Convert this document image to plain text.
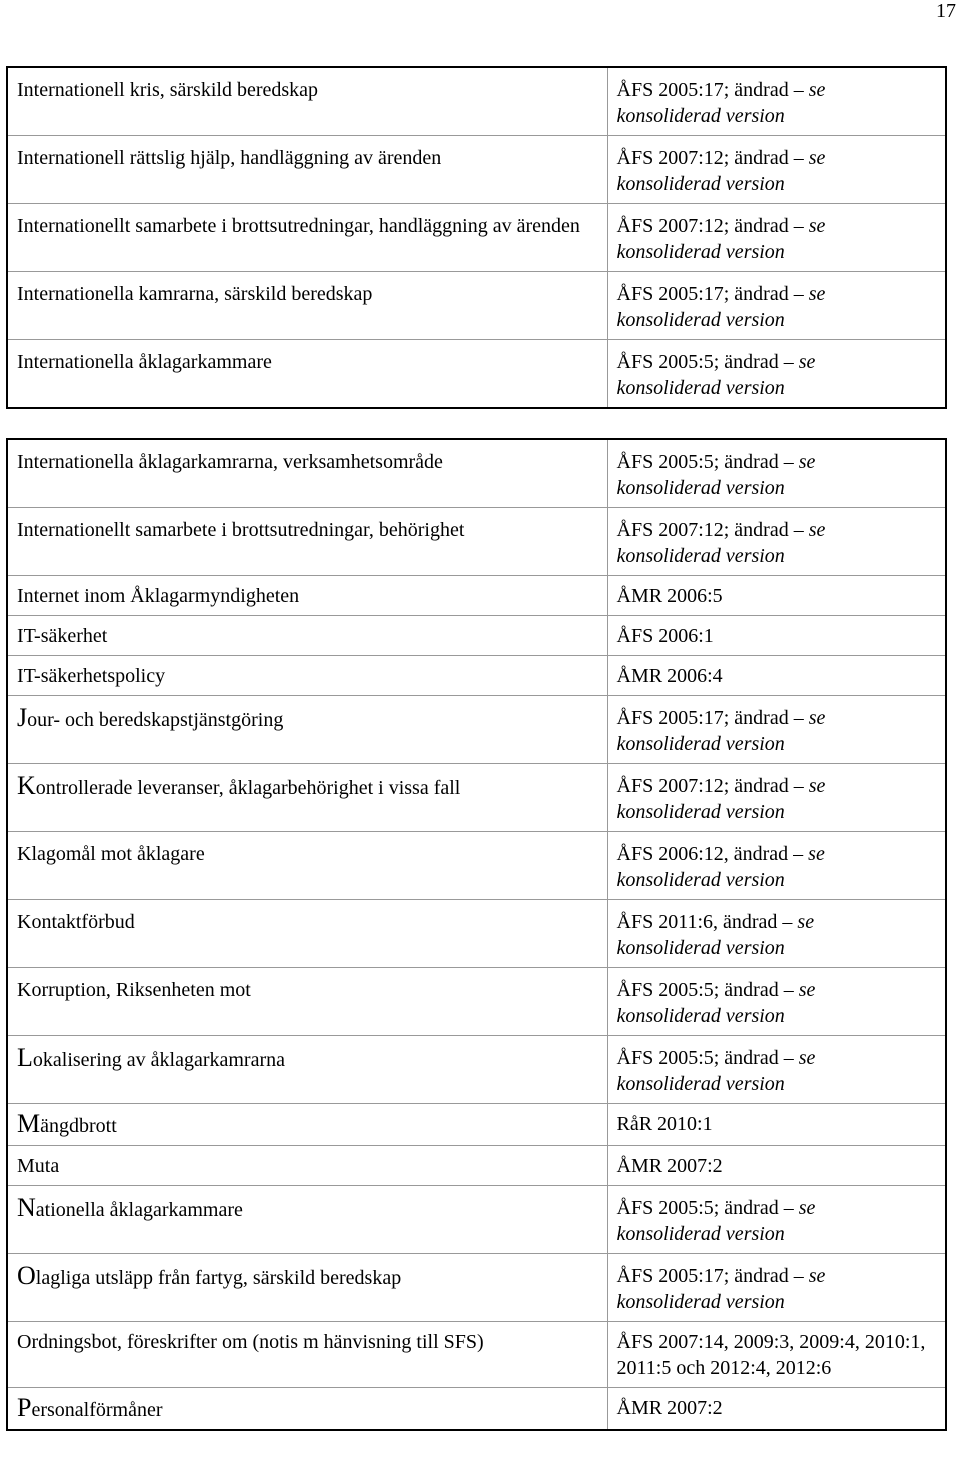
17
Internationell kris, särskild beredskap	ÅFS 2005:17; ändrad – se
konsoliderad version

Internationell rättslig hjälp, handläggning av ärenden	ÅFS 2007:12; ändrad – se
konsoliderad version

Internationellt samarbete i brottsutredningar, handläggning av ärenden	ÅFS 2007:12; ändrad – se
konsoliderad version

Internationella kamrarna, särskild beredskap	ÅFS 2005:17; ändrad – se
konsoliderad version

Internationella åklagarkammare	ÅFS 2005:5; ändrad – se
konsoliderad version
Internationella åklagarkamrarna, verksamhetsområde	ÅFS 2005:5; ändrad – se
konsoliderad version

Internationellt samarbete i brottsutredningar, behörighet	ÅFS 2007:12; ändrad – se
konsoliderad version

Internet inom Åklagarmyndigheten	ÅMR 2006:5

IT-säkerhet	ÅFS 2006:1

IT-säkerhetspolicy	ÅMR 2006:4

Jour- och beredskapstjänstgöring	ÅFS 2005:17; ändrad – se
konsoliderad version

Kontrollerade leveranser, åklagarbehörighet i vissa fall	ÅFS 2007:12; ändrad – se
konsoliderad version

Klagomål mot åklagare	ÅFS 2006:12, ändrad – se
konsoliderad version

Kontaktförbud	ÅFS 2011:6, ändrad – se
konsoliderad version

Korruption, Riksenheten mot	ÅFS 2005:5; ändrad – se
konsoliderad version

Lokalisering av åklagarkamrarna	ÅFS 2005:5; ändrad – se
konsoliderad version

Mängdbrott	RåR 2010:1

Muta	ÅMR 2007:2

Nationella åklagarkammare	ÅFS 2005:5; ändrad – se
konsoliderad version

Olagliga utsläpp från fartyg, särskild beredskap	ÅFS 2005:17; ändrad – se
konsoliderad version

Ordningsbot, föreskrifter om (notis m hänvisning till SFS)	ÅFS 2007:14, 2009:3, 2009:4, 2010:1, 2011:5 och 2012:4, 2012:6

Personalförmåner	ÅMR 2007:2
